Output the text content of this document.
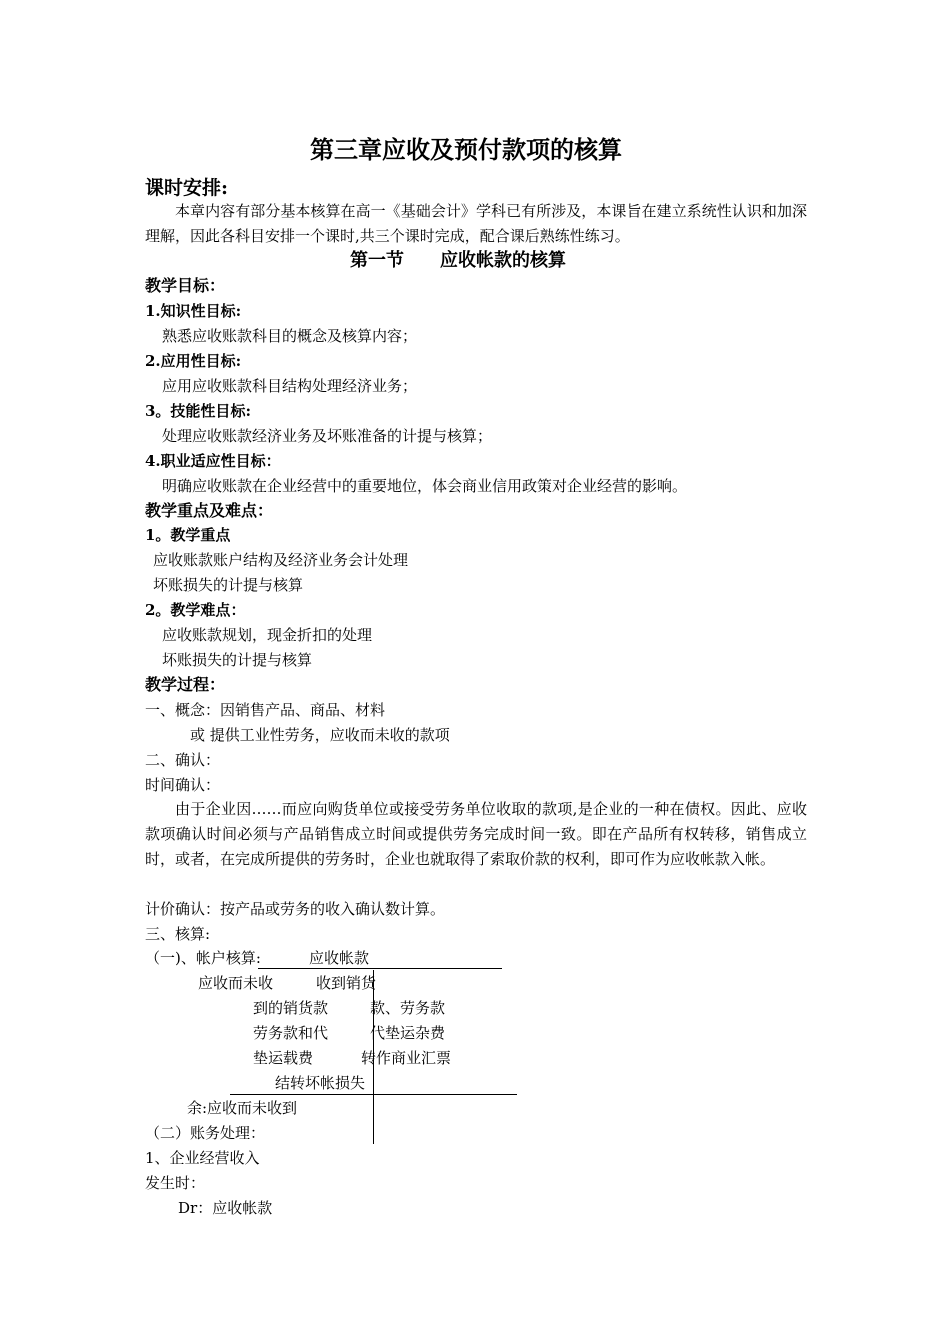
第三章应收及预付款项的核算
课时安排:
本章内容有部分基本核算在高一《基础会计》学科已有所涉及，本课旨在建立系统性认识和加深理解，因此各科目安排一个课时,共三个课时完成，配合课后熟练性练习。
第一节　　应收帐款的核算
教学目标：
1.知识性目标:
熟悉应收账款科目的概念及核算内容；
2.应用性目标:
应用应收账款科目结构处理经济业务；
3。技能性目标:
处理应收账款经济业务及坏账准备的计提与核算；
4.职业适应性目标：
明确应收账款在企业经营中的重要地位，体会商业信用政策对企业经营的影响。
教学重点及难点：
1。教学重点
应收账款账户结构及经济业务会计处理
坏账损失的计提与核算
2。教学难点：
应收账款规划，现金折扣的处理
坏账损失的计提与核算
教学过程：
一、概念：因销售产品、商品、材料
或 提供工业性劳务，应收而未收的款项
二、确认：
时间确认：
由于企业因……而应向购货单位或接受劳务单位收取的款项,是企业的一种在债权。因此、应收款项确认时间必须与产品销售成立时间或提供劳务完成时间一致。即在产品所有权转移，销售成立时，或者，在完成所提供的劳务时，企业也就取得了索取价款的权利，即可作为应收帐款入帐。
计价确认：按产品或劳务的收入确认数计算。
三、核算:
（一)、帐户核算:	应收帐款
应收而未收	收到销货
到的销货款	款、劳务款
劳务款和代	代垫运杂费
垫运载费	转作商业汇票
结转坏帐损失
余:应收而未收到
（二）账务处理：
1、企业经营收入
发生时：
Dr：应收帐款
